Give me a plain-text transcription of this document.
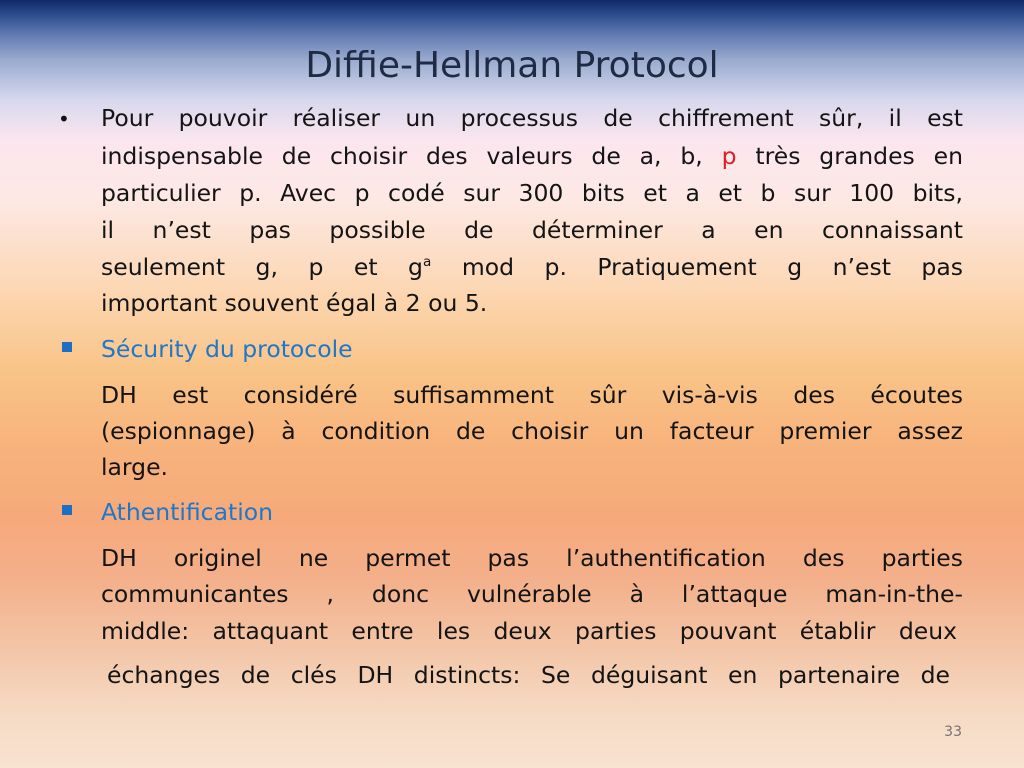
Diffie-Hellman Protocol
• Pour pouvoir réaliser un processus de chiffrement sûr, il est
indispensable de choisir des valeurs de a, b, p très grandes en
particulier p. Avec p codé sur 300 bits et a et b sur 100 bits,
il n’est pas possible de déterminer a en connaissant
seulement g, p et $g^a$ mod p. Pratiquement g n’est pas
important souvent égal à 2 ou 5.
Sécurity du protocole
DH est considéré suffisamment sûr vis-à-vis des écoutes
(espionnage) à condition de choisir un facteur premier assez
large.
Athentification
DH originel ne permet pas l’authentification des parties
communicantes , donc vulnérable à l’attaque man-in-the-
middle: attaquant entre les deux parties pouvant établir deux
échanges de clés DH distincts: Se déguisant en partenaire de
33
